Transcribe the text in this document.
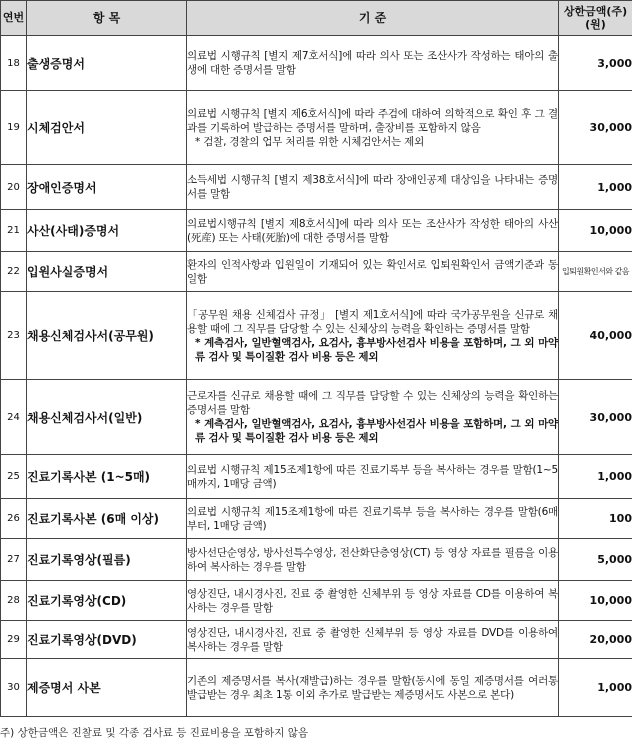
연번	항 목	기 준	상한금액(주)
(원)
18	출생증명서	의료법 시행규칙 [별지 제7호서식]에 따라 의사 또는 조산사가 작성하는 태아의 출생에 대한 증명서를 말함	3,000
19	시체검안서	의료법 시행규칙 [별지 제6호서식]에 따라 주검에 대하여 의학적으로 확인 후 그 결과를 기록하여 발급하는 증명서를 말하며, 출장비를 포함하지 않음
* 검찰, 경찰의 업무 처리를 위한 시체검안서는 제외	30,000
20	장애인증명서	소득세법 시행규칙 [별지 제38호서식]에 따라 장애인공제 대상임을 나타내는 증명서를 말함	1,000
21	사산(사태)증명서	의료법시행규칙 [별지 제8호서식]에 따라 의사 또는 조산사가 작성한 태아의 사산(死産) 또는 사태(死胎)에 대한 증명서를 말함	10,000
22	입원사실증명서	환자의 인적사항과 입원일이 기재되어 있는 확인서로 입퇴원확인서 금액기준과 동일함	입퇴원확인서와 같음
23	채용신체검사서(공무원)	「공무원 채용 신체검사 규정」 [별지 제1호서식]에 따라 국가공무원을 신규로 채용할 때에 그 직무를 담당할 수 있는 신체상의 능력을 확인하는 증명서를 말함
* 계측검사, 일반혈액검사, 요검사, 흉부방사선검사 비용을 포함하며, 그 외 마약류 검사 및 특이질환 검사 비용 등은 제외	40,000
24	채용신체검사서(일반)	근로자를 신규로 채용할 때에 그 직무를 담당할 수 있는 신체상의 능력을 확인하는 증명서를 말함
* 계측검사, 일반혈액검사, 요검사, 흉부방사선검사 비용을 포함하며, 그 외 마약류 검사 및 특이질환 검사 비용 등은 제외	30,000
25	진료기록사본 (1~5매)	의료법 시행규칙 제15조제1항에 따른 진료기록부 등을 복사하는 경우를 말함(1~5매까지, 1매당 금액)	1,000
26	진료기록사본 (6매 이상)	의료법 시행규칙 제15조제1항에 따른 진료기록부 등을 복사하는 경우를 말함(6매부터, 1매당 금액)	100
27	진료기록영상(필름)	방사선단순영상, 방사선특수영상, 전산화단층영상(CT) 등 영상 자료를 필름을 이용하여 복사하는 경우를 말함	5,000
28	진료기록영상(CD)	영상진단, 내시경사진, 진료 중 촬영한 신체부위 등 영상 자료를 CD를 이용하여 복사하는 경우를 말함	10,000
29	진료기록영상(DVD)	영상진단, 내시경사진, 진료 중 촬영한 신체부위 등 영상 자료를 DVD를 이용하여 복사하는 경우를 말함	20,000
30	제증명서 사본	기존의 제증명서를 복사(재발급)하는 경우를 말함(동시에 동일 제증명서를 여러통 발급받는 경우 최초 1통 이외 추가로 발급받는 제증명서도 사본으로 본다)	1,000
주) 상한금액은 진찰료 및 각종 검사료 등 진료비용을 포함하지 않음
